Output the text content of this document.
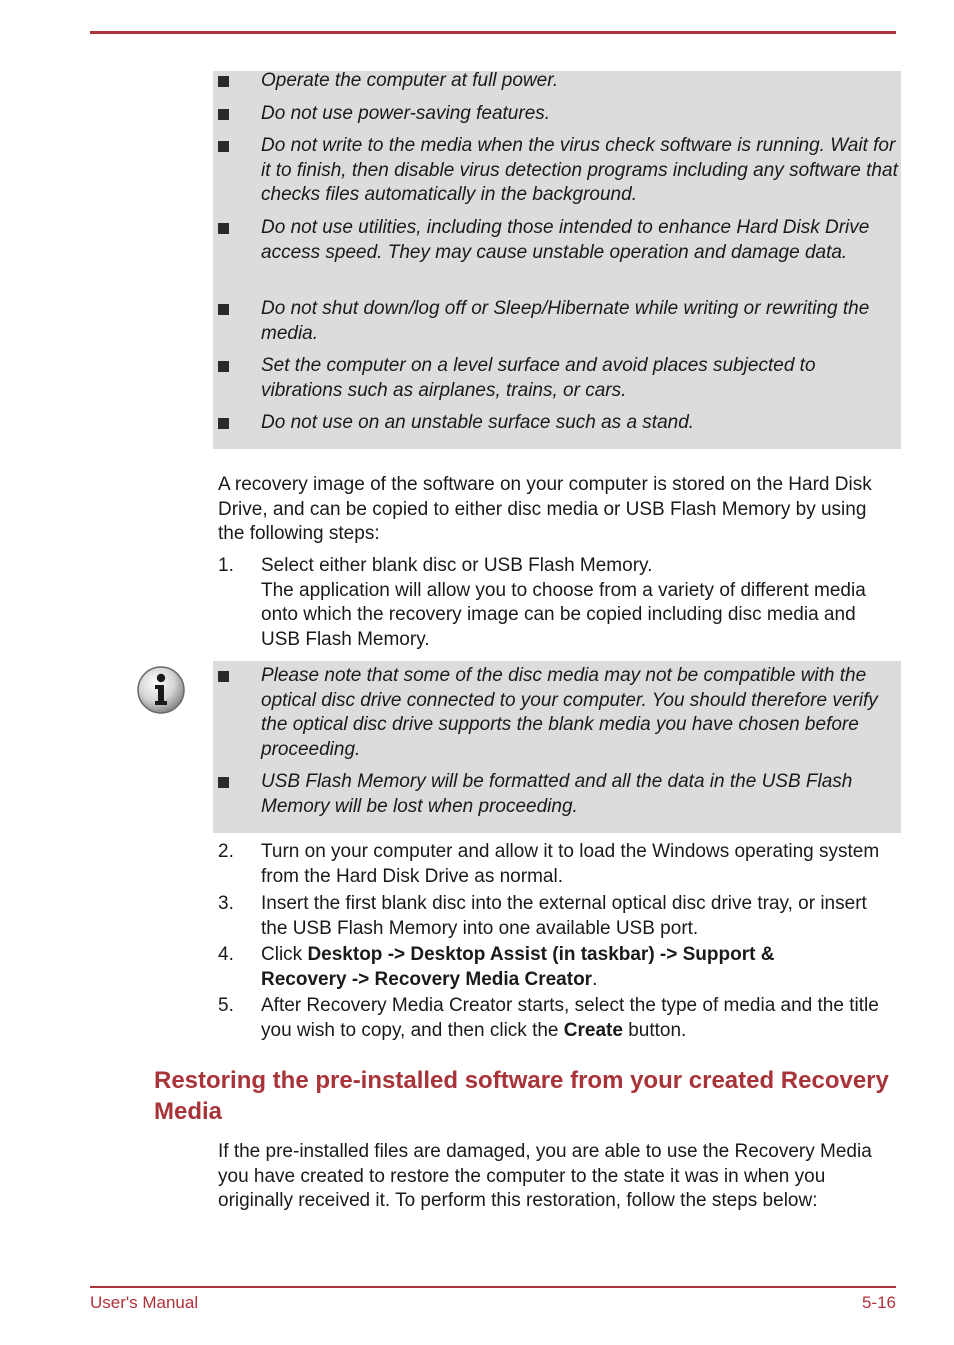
Operate the computer at full power.
Do not use power-saving features.
Do not write to the media when the virus check software is running. Wait for it to finish, then disable virus detection programs including any software that checks files automatically in the background.
Do not use utilities, including those intended to enhance Hard Disk Drive access speed. They may cause unstable operation and damage data.
Do not shut down/log off or Sleep/Hibernate while writing or rewriting the media.
Set the computer on a level surface and avoid places subjected to vibrations such as airplanes, trains, or cars.
Do not use on an unstable surface such as a stand.
A recovery image of the software on your computer is stored on the Hard Disk Drive, and can be copied to either disc media or USB Flash Memory by using the following steps:
1. Select either blank disc or USB Flash Memory.
The application will allow you to choose from a variety of different media onto which the recovery image can be copied including disc media and USB Flash Memory.
Please note that some of the disc media may not be compatible with the optical disc drive connected to your computer. You should therefore verify the optical disc drive supports the blank media you have chosen before proceeding.
USB Flash Memory will be formatted and all the data in the USB Flash Memory will be lost when proceeding.
2. Turn on your computer and allow it to load the Windows operating system from the Hard Disk Drive as normal.
3. Insert the first blank disc into the external optical disc drive tray, or insert the USB Flash Memory into one available USB port.
4. Click Desktop -> Desktop Assist (in taskbar) -> Support & Recovery -> Recovery Media Creator.
5. After Recovery Media Creator starts, select the type of media and the title you wish to copy, and then click the Create button.
Restoring the pre-installed software from your created Recovery Media
If the pre-installed files are damaged, you are able to use the Recovery Media you have created to restore the computer to the state it was in when you originally received it. To perform this restoration, follow the steps below:
User's Manual	5-16
